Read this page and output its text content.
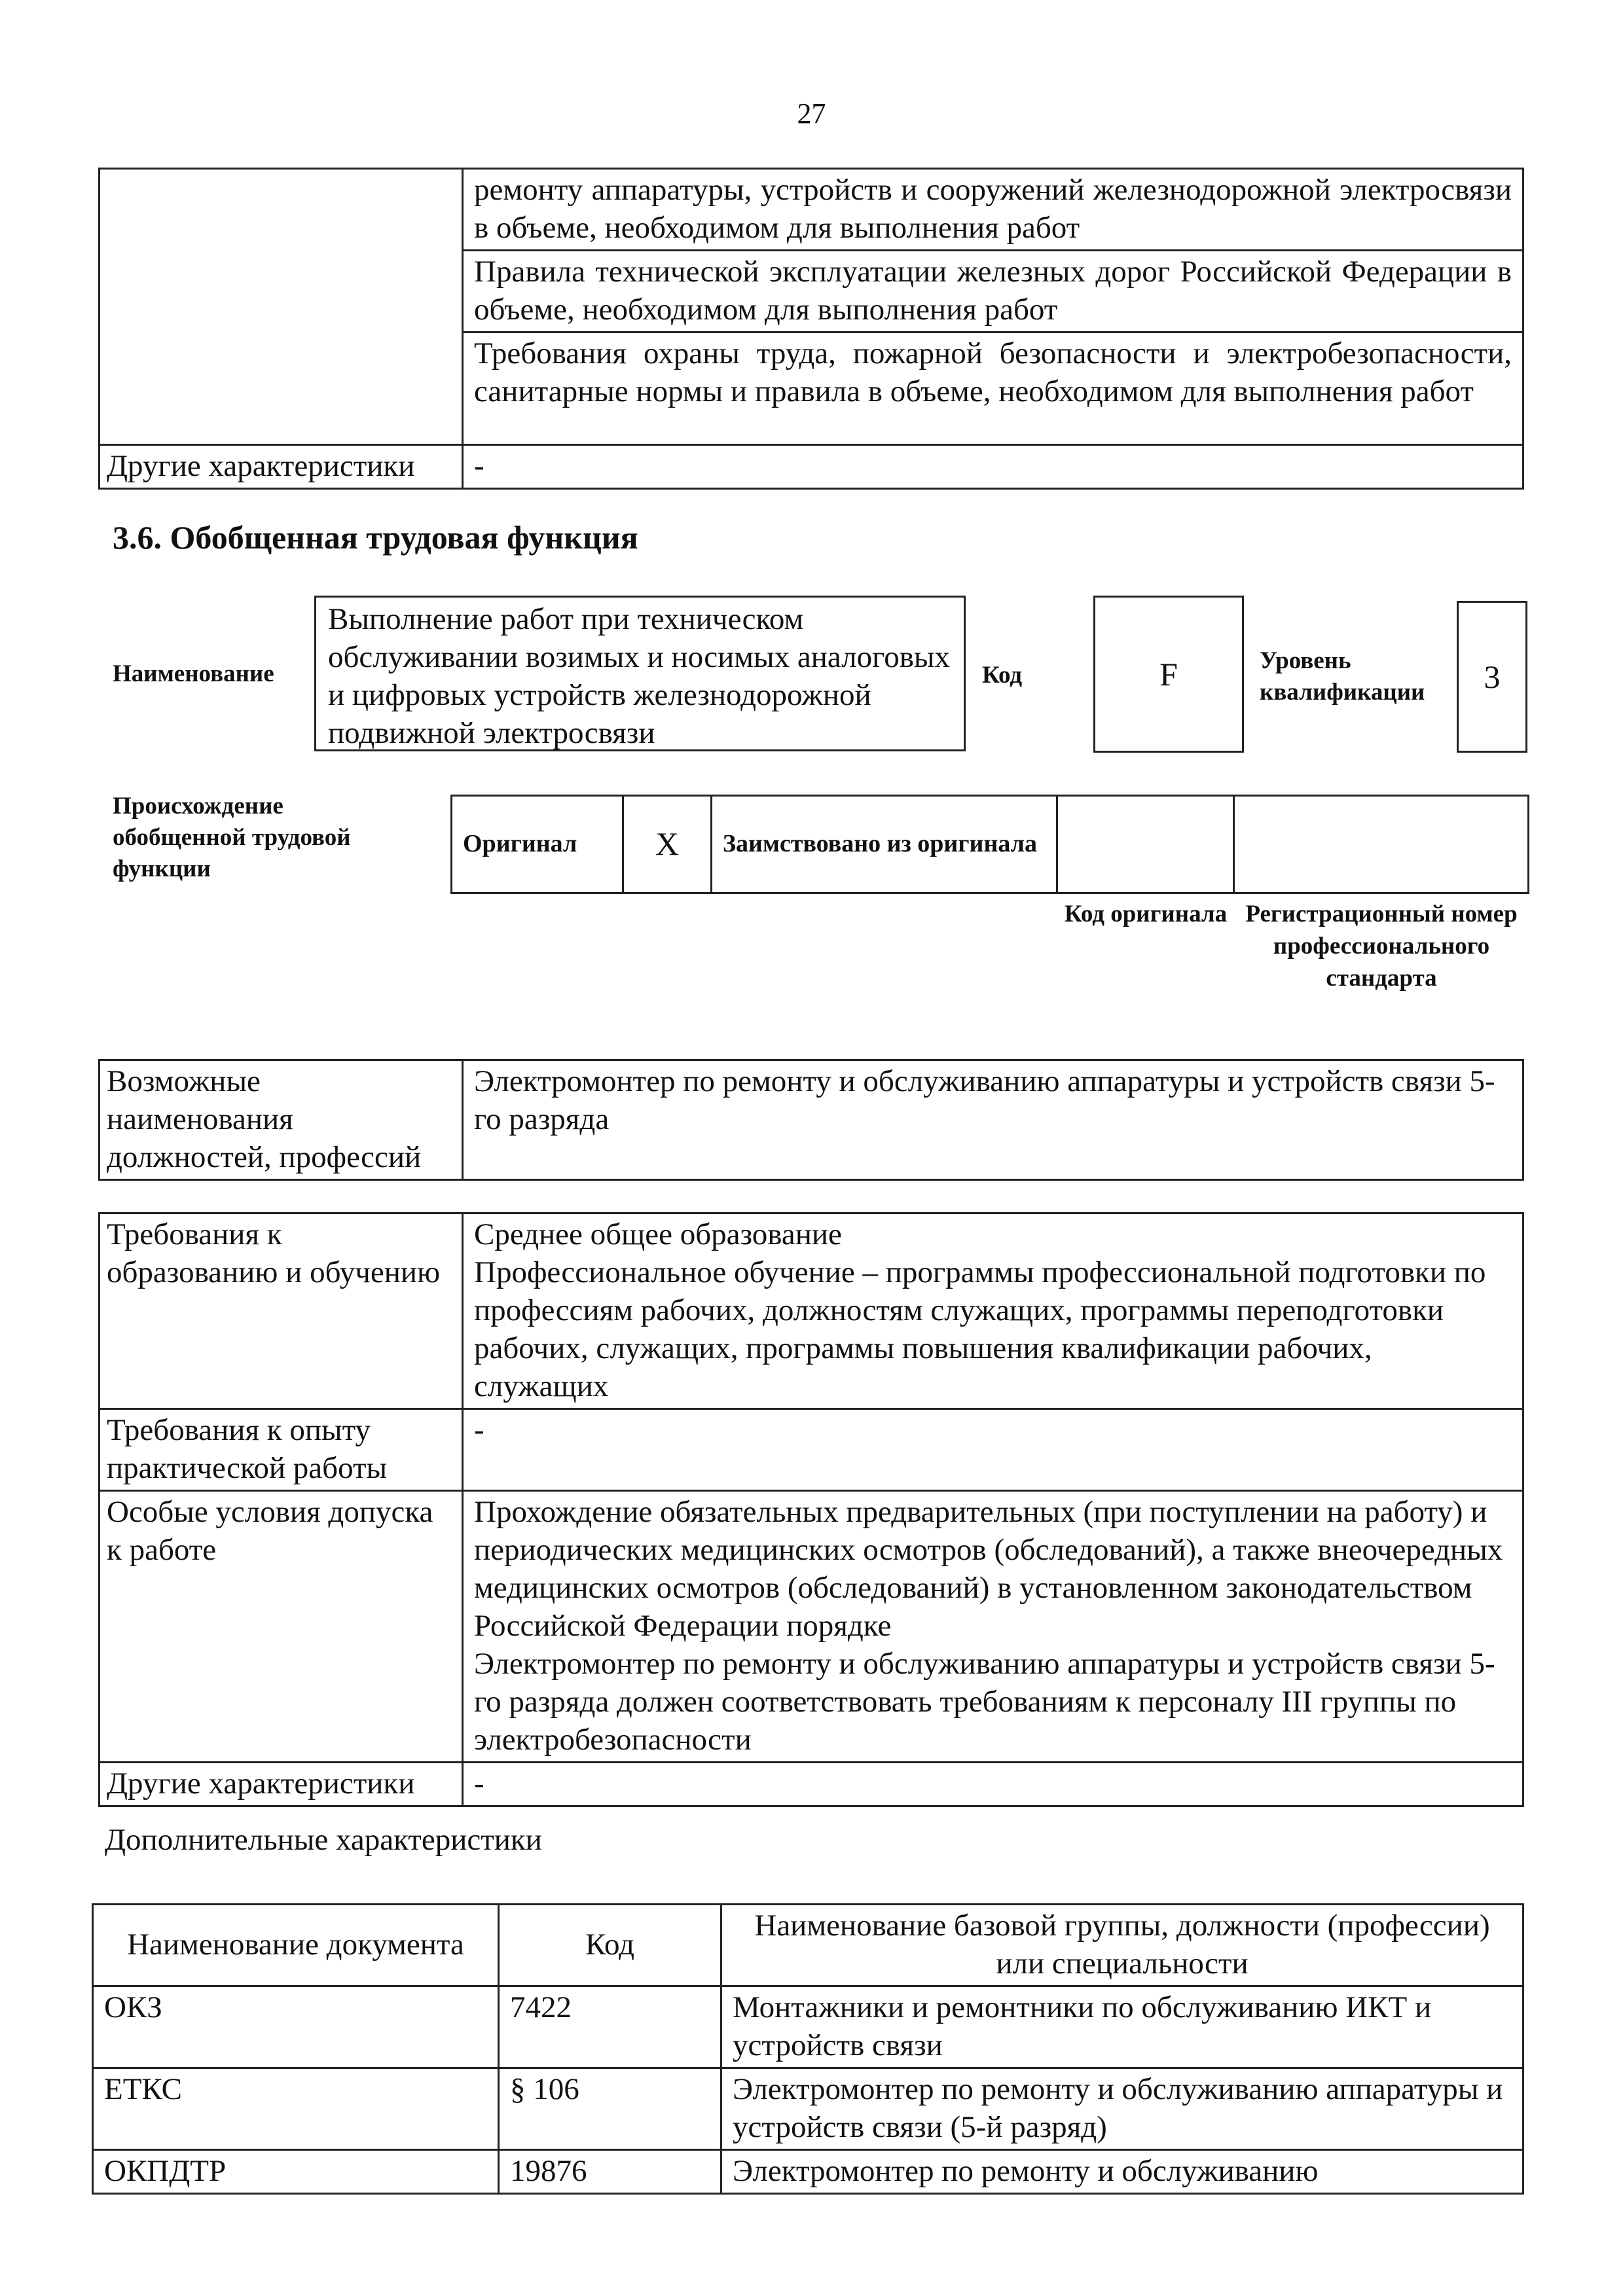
27
	ремонту аппаратуры, устройств и сооружений железнодорожной электросвязи в объеме, необходимом для выполнения работ
	Правила технической эксплуатации железных дорог Российской Федерации в объеме, необходимом для выполнения работ
	Требования охраны труда, пожарной безопасности и электробезопасности, санитарные нормы и правила в объеме, необходимом для выполнения работ
Другие характеристики	-
3.6. Обобщенная трудовая функция
Наименование
Выполнение работ при техническом обслуживании возимых и носимых аналоговых и цифровых устройств железнодорожной подвижной электросвязи
Код	F	Уровень квалификации	3
Происхождение обобщенной трудовой функции
Оригинал	X	Заимствовано из оригинала		
Код оригинала Регистрационный номер профессионального стандарта
Возможные наименования должностей, профессий	Электромонтер по ремонту и обслуживанию аппаратуры и устройств связи 5-го разряда
Требования к образованию и обучению	Среднее общее образование
Профессиональное обучение – программы профессиональной подготовки по профессиям рабочих, должностям служащих, программы переподготовки рабочих, служащих, программы повышения квалификации рабочих, служащих

Требования к опыту практической работы	-
Особые условия допуска к работе	Прохождение обязательных предварительных (при поступлении на работу) и периодических медицинских осмотров (обследований), а также внеочередных медицинских осмотров (обследований) в установленном законодательством Российской Федерации порядке
Электромонтер по ремонту и обслуживанию аппаратуры и устройств связи 5-го разряда должен соответствовать требованиям к персоналу III группы по электробезопасности

Другие характеристики	-
Дополнительные характеристики
Наименование документа	Код	Наименование базовой группы, должности (профессии) или специальности
ОКЗ	7422	Монтажники и ремонтники по обслуживанию ИКТ и устройств связи
ЕТКС	§ 106	Электромонтер по ремонту и обслуживанию аппаратуры и устройств связи (5-й разряд)
ОКПДТР	19876	Электромонтер по ремонту и обслуживанию
